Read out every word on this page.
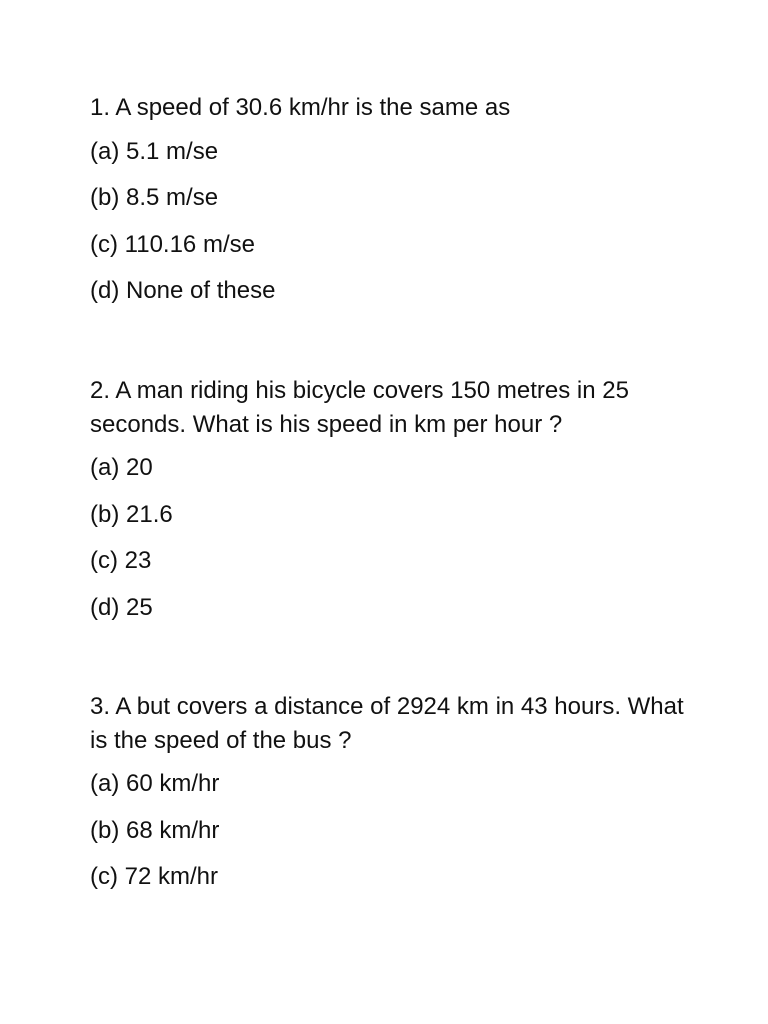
1. A speed of 30.6 km/hr is the same as

(a) 5.1 m/se
(b) 8.5 m/se
(c) 110.16 m/se
(d) None of these

2. A man riding his bicycle covers 150 metres in 25 seconds. What is his speed in km per hour ?

(a) 20
(b) 21.6
(c) 23
(d) 25

3. A but covers a distance of 2924 km in 43 hours. What is the speed of the bus ?

(a) 60 km/hr
(b) 68 km/hr
(c) 72 km/hr
